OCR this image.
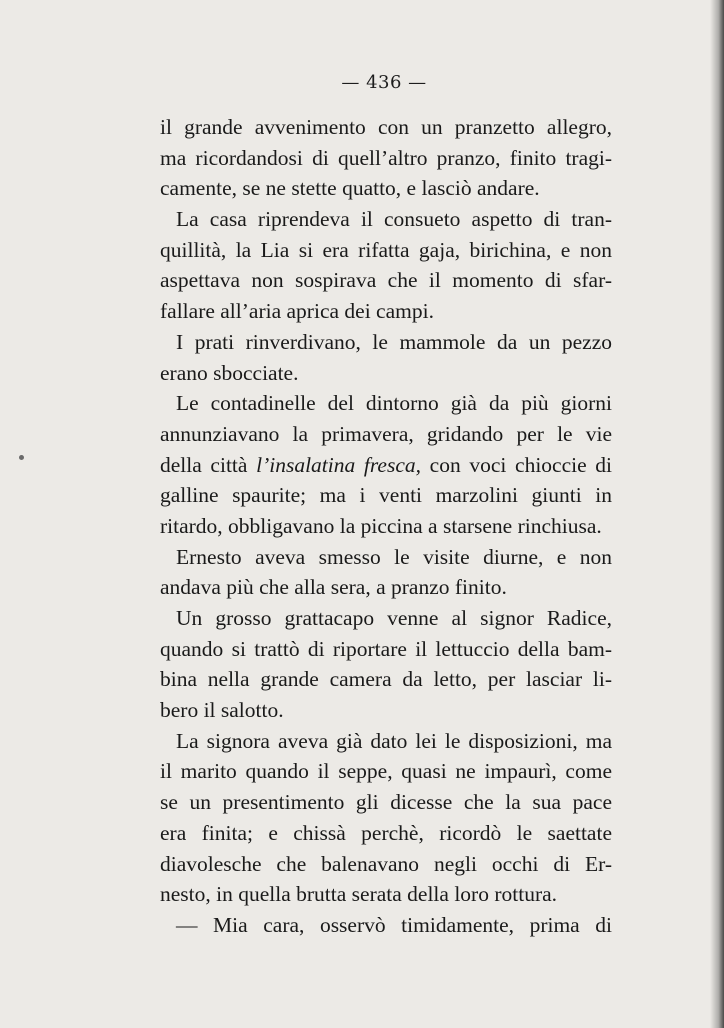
— 436 —
il grande avvenimento con un pranzetto allegro,
ma ricordandosi di quell’altro pranzo, finito tragi-
camente, se ne stette quatto, e lasciò andare.
La casa riprendeva il consueto aspetto di tran-
quillità, la Lia si era rifatta gaja, birichina, e non
aspettava non sospirava che il momento di sfar-
fallare all’aria aprica dei campi.
I prati rinverdivano, le mammole da un pezzo
erano sbocciate.
Le contadinelle del dintorno già da più giorni
annunziavano la primavera, gridando per le vie
della città l’insalatina fresca, con voci chioccie di
galline spaurite; ma i venti marzolini giunti in
ritardo, obbligavano la piccina a starsene rinchiusa.
Ernesto aveva smesso le visite diurne, e non
andava più che alla sera, a pranzo finito.
Un grosso grattacapo venne al signor Radice,
quando si trattò di riportare il lettuccio della bam-
bina nella grande camera da letto, per lasciar li-
bero il salotto.
La signora aveva già dato lei le disposizioni, ma
il marito quando il seppe, quasi ne impaurì, come
se un presentimento gli dicesse che la sua pace
era finita; e chissà perchè, ricordò le saettate
diavolesche che balenavano negli occhi di Er-
nesto, in quella brutta serata della loro rottura.
— Mia cara, osservò timidamente, prima di
